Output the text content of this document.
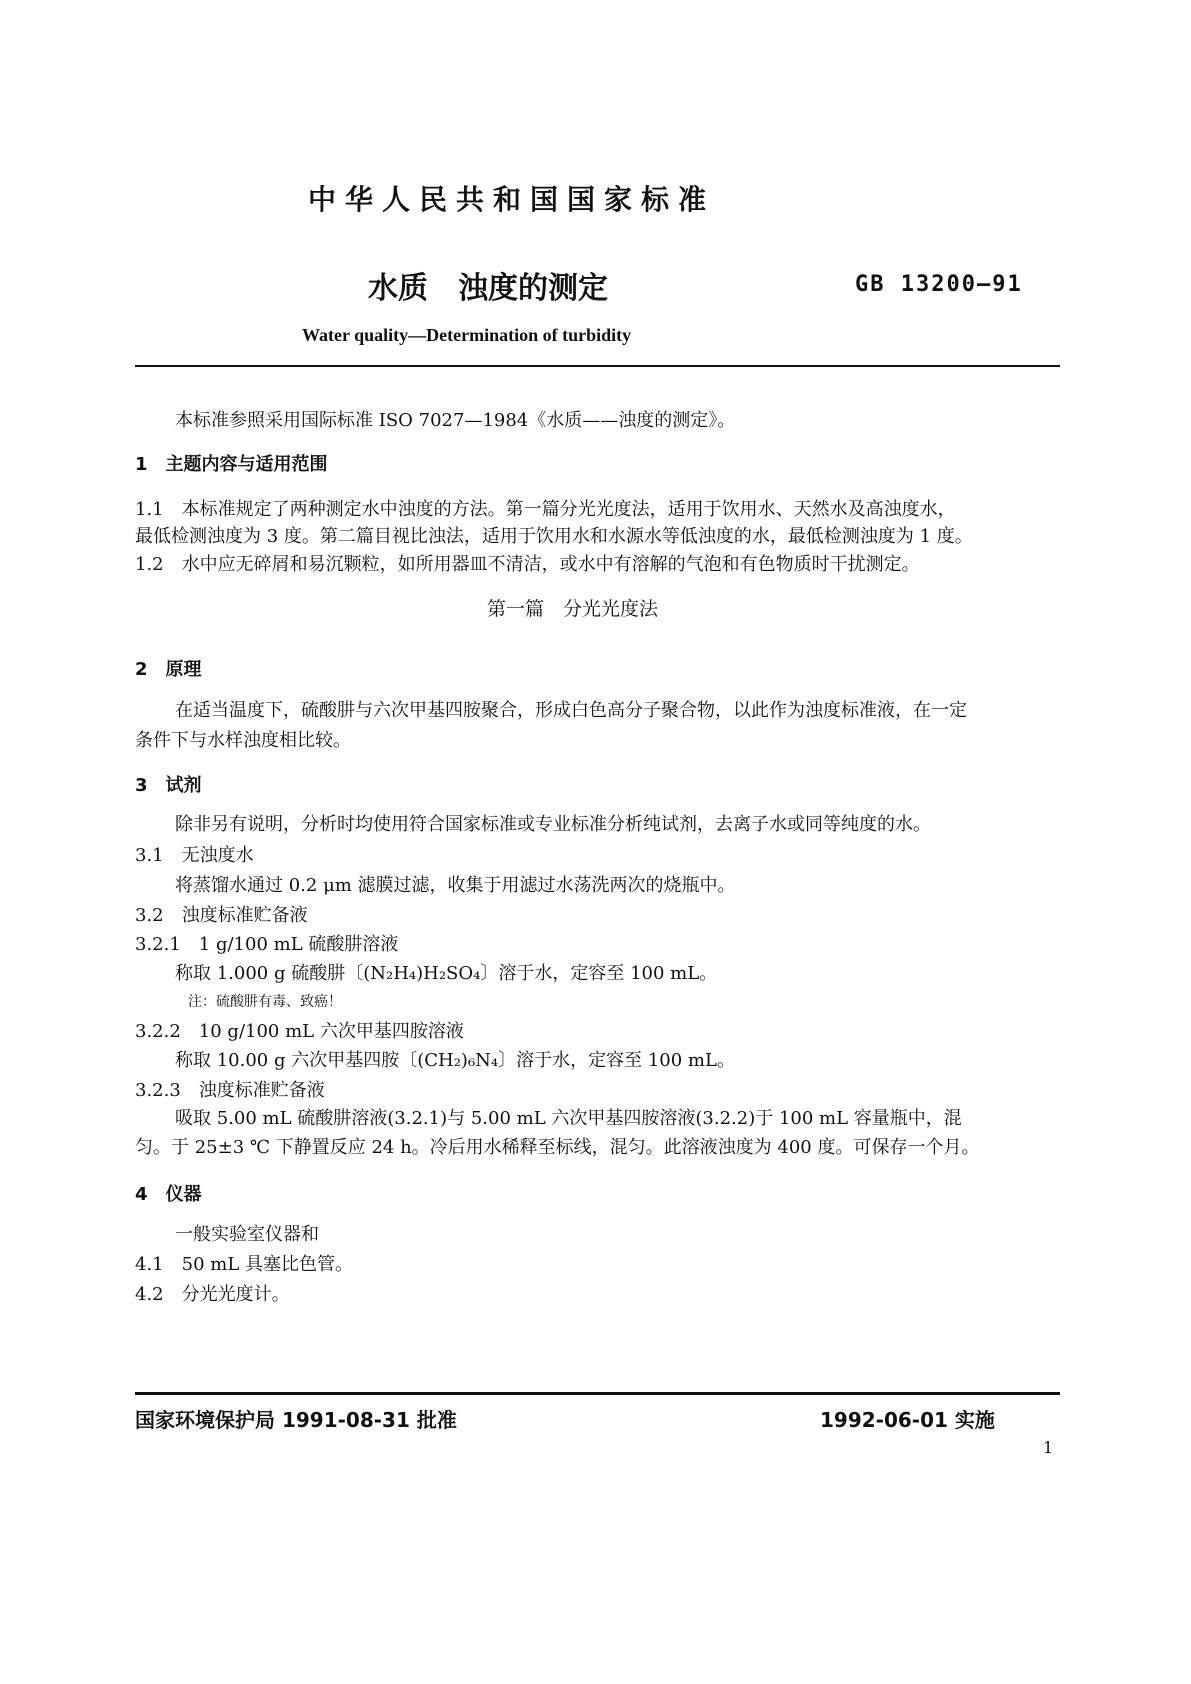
中华人民共和国国家标准
水质　浊度的测定	GB 13200—91
Water quality—Determination of turbidity
本标准参照采用国际标准 ISO 7027—1984《水质——浊度的测定》。
1　主题内容与适用范围
1.1　本标准规定了两种测定水中浊度的方法。第一篇分光光度法，适用于饮用水、天然水及高浊度水，
最低检测浊度为 3 度。第二篇目视比浊法，适用于饮用水和水源水等低浊度的水，最低检测浊度为 1 度。
1.2　水中应无碎屑和易沉颗粒，如所用器皿不清洁，或水中有溶解的气泡和有色物质时干扰测定。
第一篇　分光光度法
2　原理
在适当温度下，硫酸肼与六次甲基四胺聚合，形成白色高分子聚合物，以此作为浊度标准液，在一定
条件下与水样浊度相比较。
3　试剂
除非另有说明，分析时均使用符合国家标准或专业标准分析纯试剂，去离子水或同等纯度的水。
3.1　无浊度水
将蒸馏水通过 0.2 μm 滤膜过滤，收集于用滤过水荡洗两次的烧瓶中。
3.2　浊度标准贮备液
3.2.1　1 g/100 mL 硫酸肼溶液
称取 1.000 g 硫酸肼〔(N₂H₄)H₂SO₄〕溶于水，定容至 100 mL。
注：硫酸肼有毒、致癌！
3.2.2　10 g/100 mL 六次甲基四胺溶液
称取 10.00 g 六次甲基四胺〔(CH₂)₆N₄〕溶于水，定容至 100 mL。
3.2.3　浊度标准贮备液
吸取 5.00 mL 硫酸肼溶液(3.2.1)与 5.00 mL 六次甲基四胺溶液(3.2.2)于 100 mL 容量瓶中，混
匀。于 25±3 ℃ 下静置反应 24 h。冷后用水稀释至标线，混匀。此溶液浊度为 400 度。可保存一个月。
4　仪器
一般实验室仪器和
4.1　50 mL 具塞比色管。
4.2　分光光度计。
国家环境保护局 1991-08-31 批准	1992-06-01 实施
1
